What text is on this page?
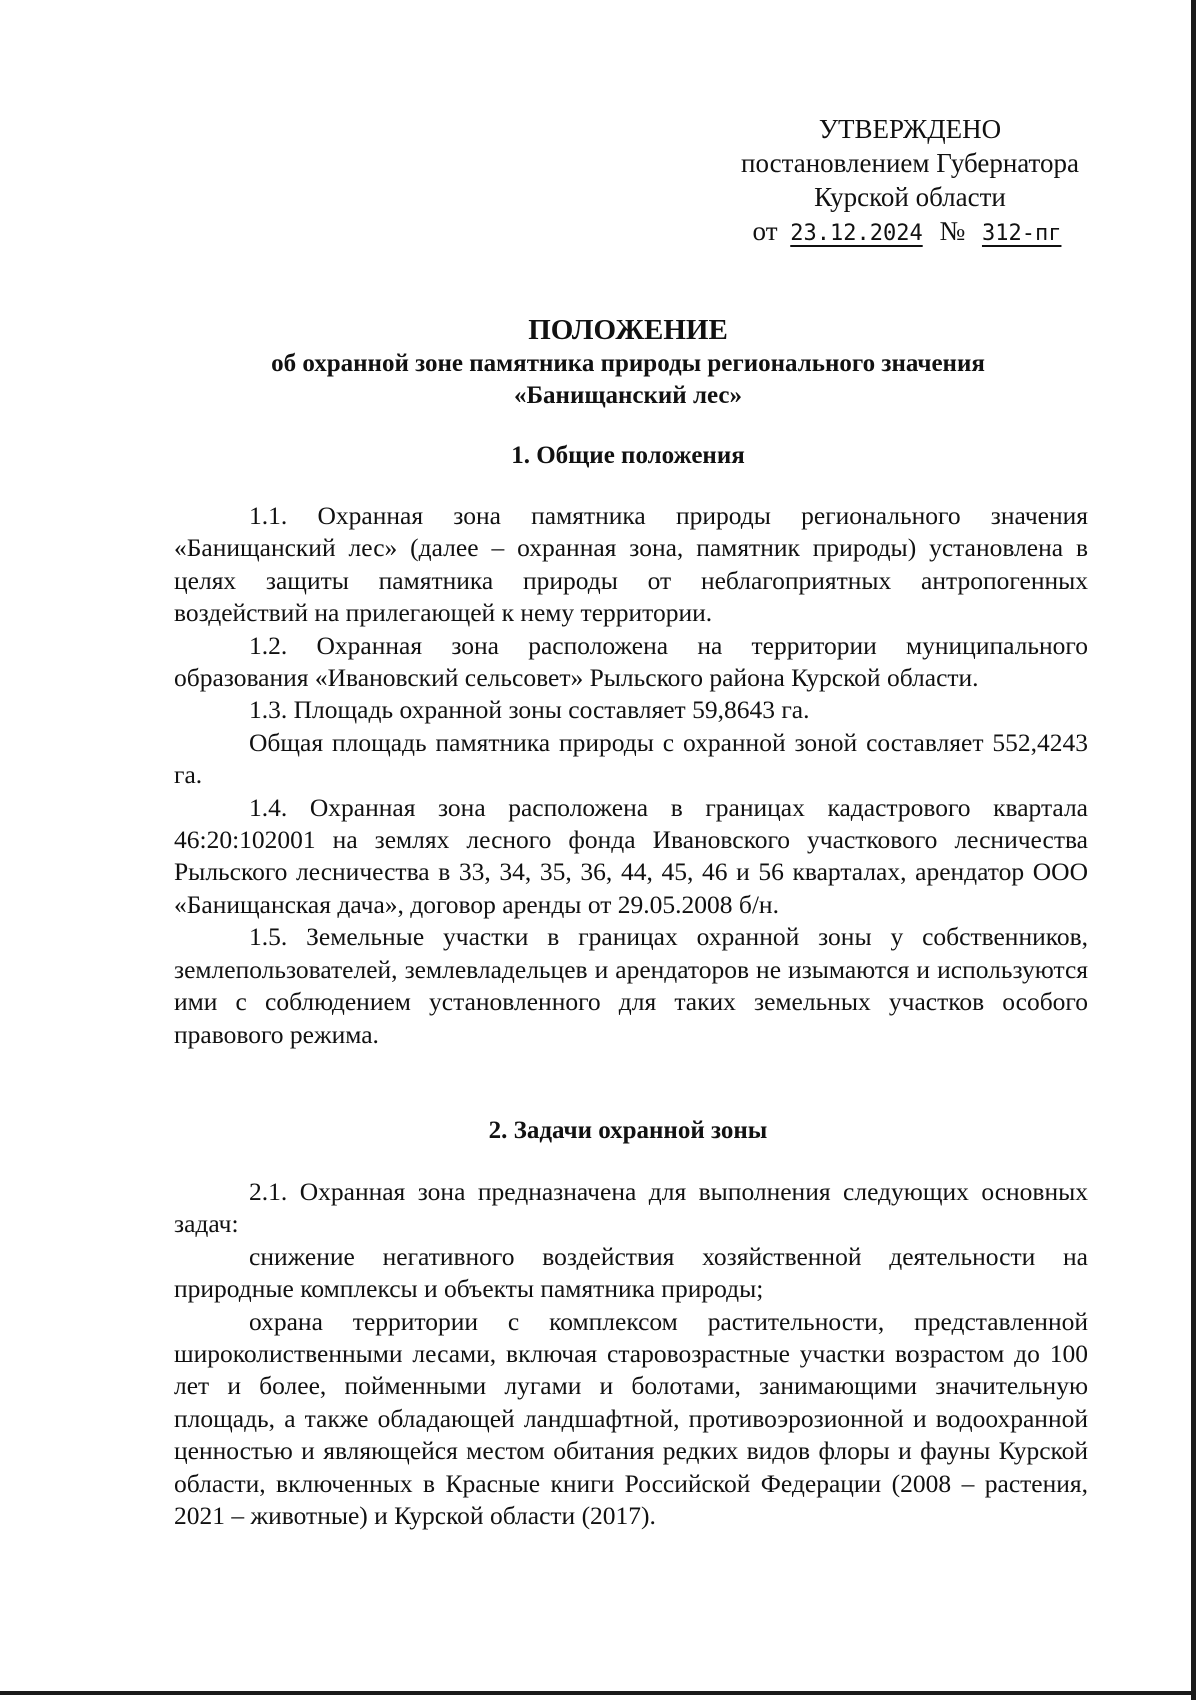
УТВЕРЖДЕНО
постановлением Губернатора
Курской области
от 23.12.2024 № 312-пг
ПОЛОЖЕНИЕ
об охранной зоне памятника природы регионального значения
«Банищанский лес»
1. Общие положения

1.1. Охранная зона памятника природы регионального значения «Банищанский лес» (далее – охранная зона, памятник природы) установлена в целях защиты памятника природы от неблагоприятных антропогенных воздействий на прилегающей к нему территории.

1.2. Охранная зона расположена на территории муниципального образования «Ивановский сельсовет» Рыльского района Курской области.

1.3. Площадь охранной зоны составляет 59,8643 га.

Общая площадь памятника природы с охранной зоной составляет 552,4243 га.

1.4. Охранная зона расположена в границах кадастрового квартала 46:20:102001 на землях лесного фонда Ивановского участкового лесничества Рыльского лесничества в 33, 34, 35, 36, 44, 45, 46 и 56 кварталах, арендатор ООО «Банищанская дача», договор аренды от 29.05.2008 б/н.

1.5. Земельные участки в границах охранной зоны у собственников, землепользователей, землевладельцев и арендаторов не изымаются и используются ими с соблюдением установленного для таких земельных участков особого правового режима.

2. Задачи охранной зоны

2.1. Охранная зона предназначена для выполнения следующих основных задач:

снижение негативного воздействия хозяйственной деятельности на природные комплексы и объекты памятника природы;

охрана территории с комплексом растительности, представленной широколиственными лесами, включая старовозрастные участки возрастом до 100 лет и более, пойменными лугами и болотами, занимающими значительную площадь, а также обладающей ландшафтной, противоэрозионной и водоохранной ценностью и являющейся местом обитания редких видов флоры и фауны Курской области, включенных в Красные книги Российской Федерации (2008 – растения, 2021 – животные) и Курской области (2017).
